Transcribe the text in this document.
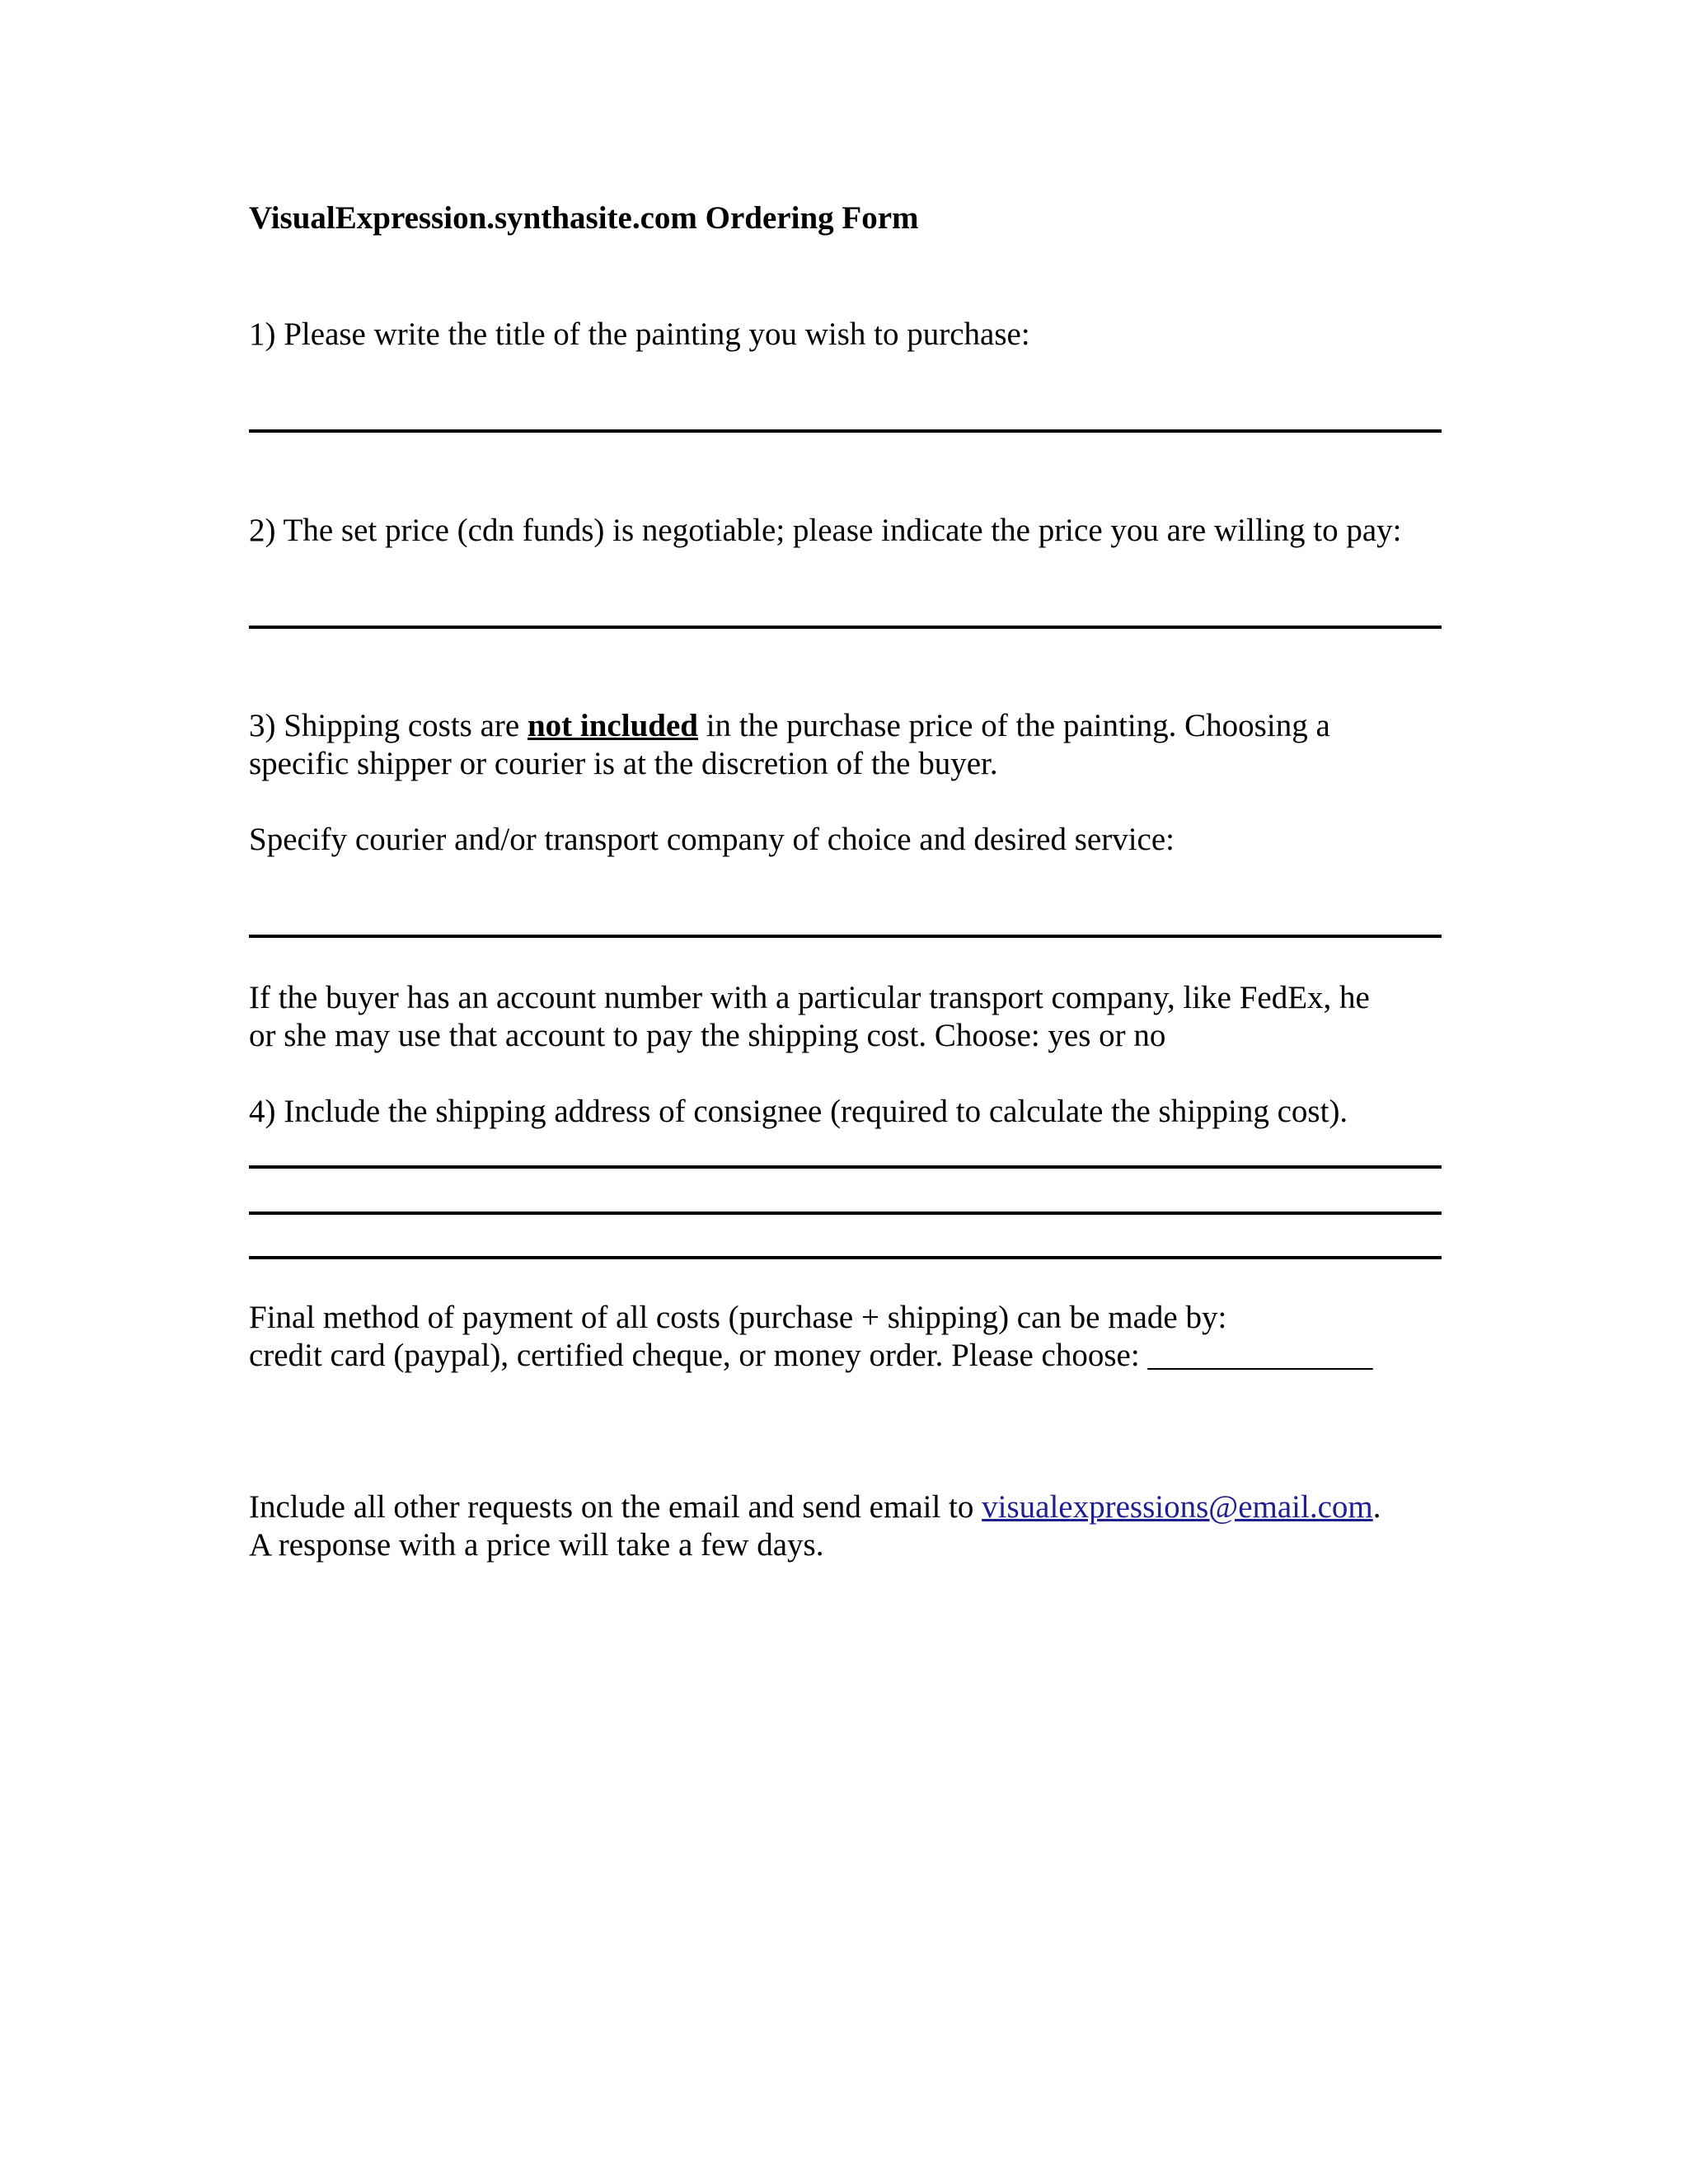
VisualExpression.synthasite.com Ordering Form

1) Please write the title of the painting you wish to purchase:

2) The set price (cdn funds) is negotiable; please indicate the price you are willing to pay:

3) Shipping costs are not included in the purchase price of the painting. Choosing a

specific shipper or courier is at the discretion of the buyer.

Specify courier and/or transport company of choice and desired service:

If the buyer has an account number with a particular transport company, like FedEx, he

or she may use that account to pay the shipping cost. Choose: yes or no

4) Include the shipping address of consignee (required to calculate the shipping cost).

Final method of payment of all costs (purchase + shipping) can be made by:

credit card (paypal), certified cheque, or money order. Please choose: ______________

Include all other requests on the email and send email to visualexpressions@email.com.

A response with a price will take a few days.
